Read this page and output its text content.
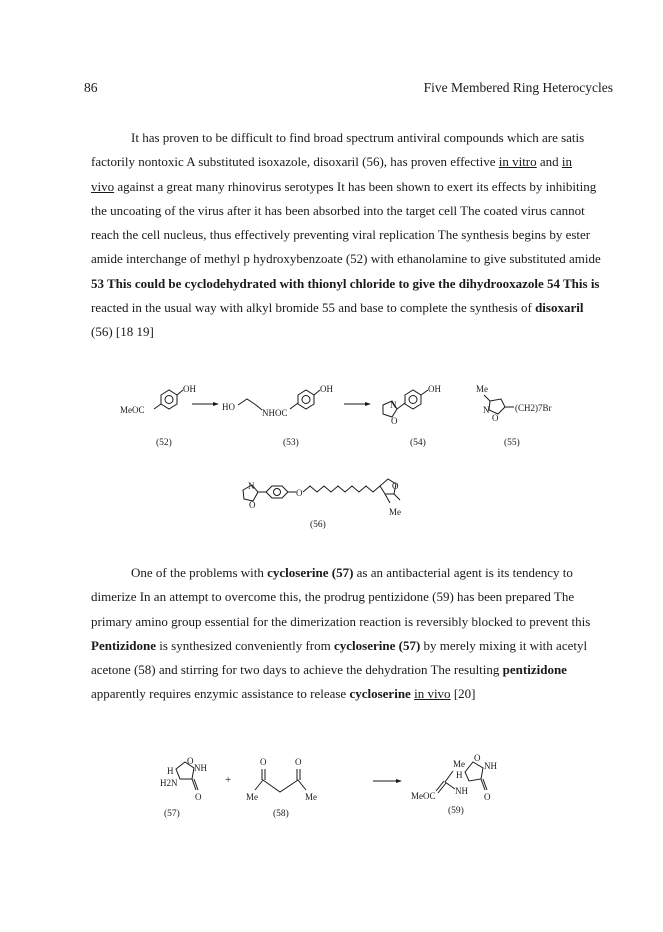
86	Five Membered Ring Heterocycles

It has proven to be difficult to find broad spectrum antiviral compounds which are satis
factorily nontoxic A substituted isoxazole, disoxaril (56), has proven effective in vitro and in
vivo against a great many rhinovirus serotypes It has been shown to exert its effects by inhibiting
the uncoating of the virus after it has been absorbed into the target cell The coated virus cannot
reach the cell nucleus, thus effectively preventing viral replication The synthesis begins by ester
amide interchange of methyl p hydroxybenzoate (52) with ethanolamine to give substituted amide
53 This could be cyclodehydrated with thionyl chloride to give the dihydrooxazole 54 This is
reacted in the usual way with alkyl bromide 55 and base to complete the synthesis of disoxaril
(56) [18 19]

OH
MeOC
(52)
HO
NHOC
OH
(53)
N
O
OH
(54)
Me
O
N	(CH2)7Br
(55)
N
O
O
O
Me
(56)

One of the problems with cycloserine (57) as an antibacterial agent is its tendency to
dimerize In an attempt to overcome this, the prodrug pentizidone (59) has been prepared The
primary amino group essential for the dimerization reaction is reversibly blocked to prevent this
Pentizidone is synthesized conveniently from cycloserine (57) by merely mixing it with acetyl
acetone (58) and stirring for two days to achieve the dehydration The resulting pentizidone
apparently requires enzymic assistance to release cycloserine in vivo [20]

O
NH
H
H2N
O
(57)
+
O	O
Me	Me
(58)
MeOC
Me
NH
H
O
NH
O
(59)
